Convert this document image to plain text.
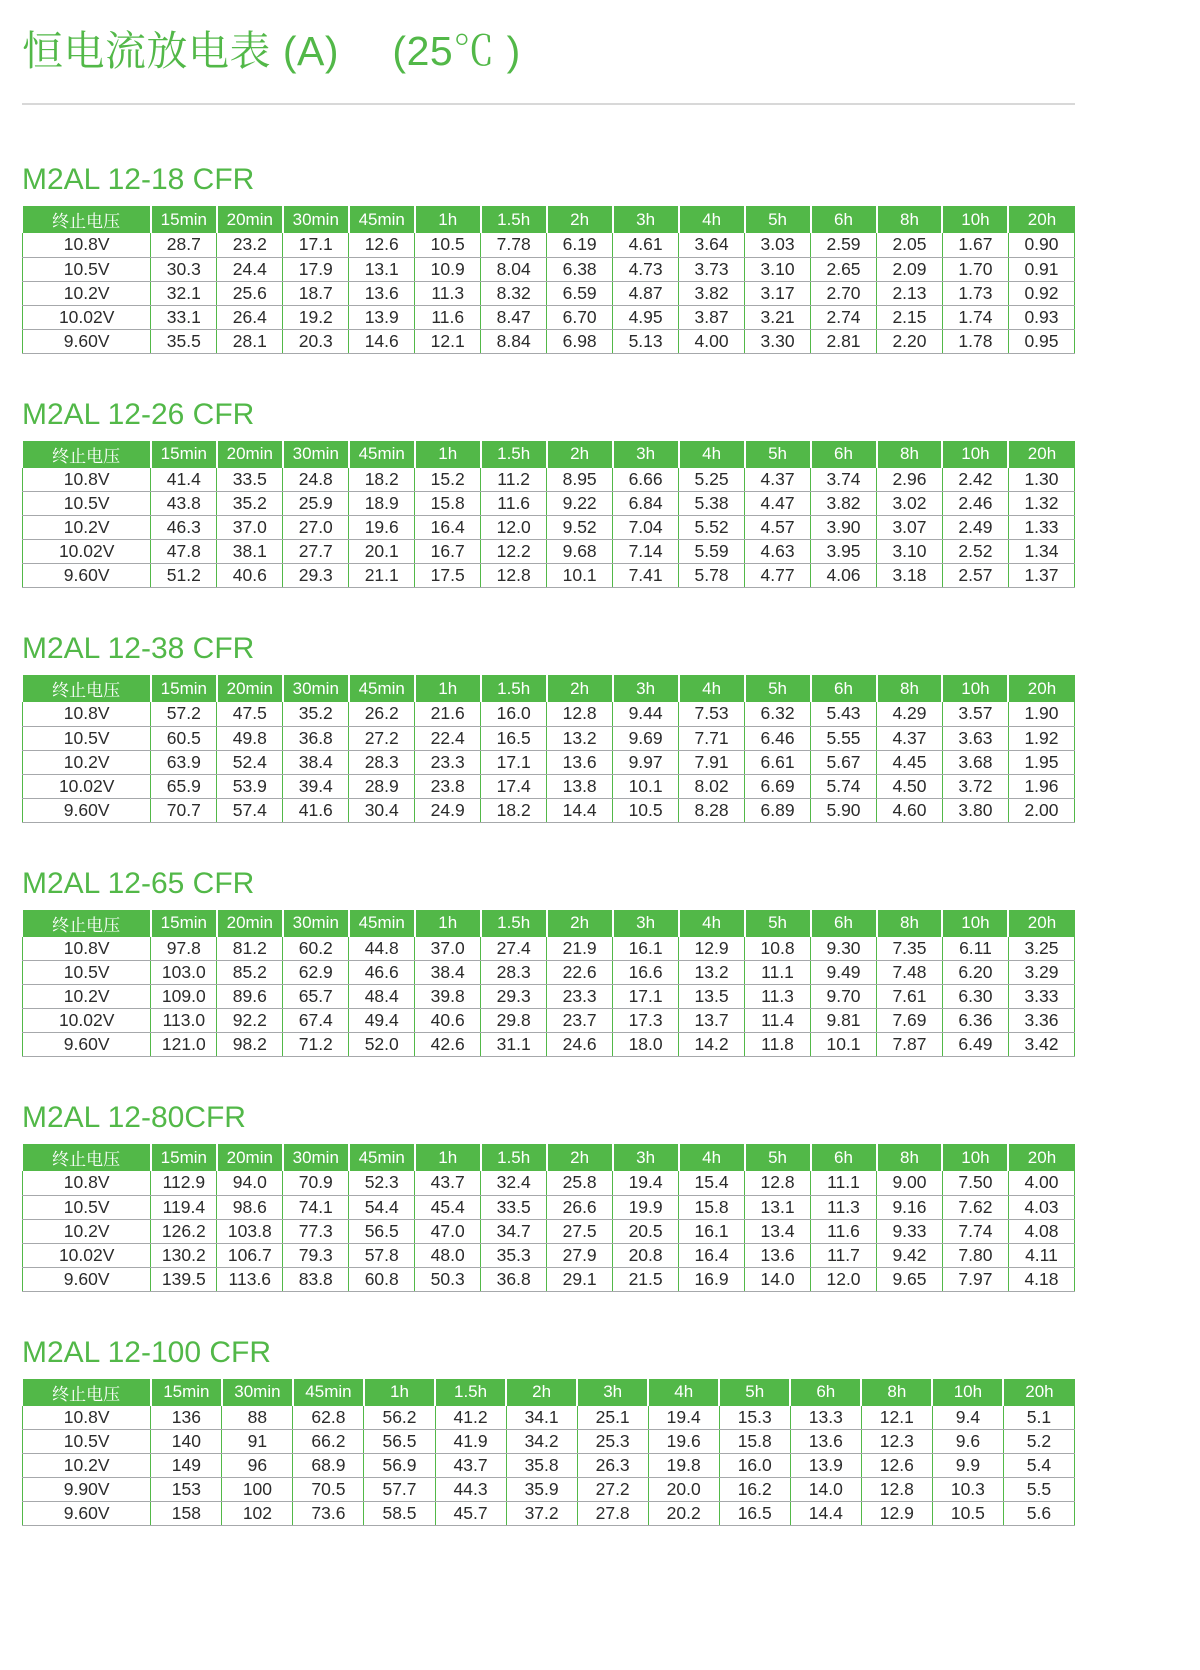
恒电流放电表 (A)　 (25℃ )
M2AL 12-18 CFR
终止电压	15min	20min	30min	45min	1h	1.5h	2h	3h	4h	5h	6h	8h	10h	20h
10.8V	28.7	23.2	17.1	12.6	10.5	7.78	6.19	4.61	3.64	3.03	2.59	2.05	1.67	0.90
10.5V	30.3	24.4	17.9	13.1	10.9	8.04	6.38	4.73	3.73	3.10	2.65	2.09	1.70	0.91
10.2V	32.1	25.6	18.7	13.6	11.3	8.32	6.59	4.87	3.82	3.17	2.70	2.13	1.73	0.92
10.02V	33.1	26.4	19.2	13.9	11.6	8.47	6.70	4.95	3.87	3.21	2.74	2.15	1.74	0.93
9.60V	35.5	28.1	20.3	14.6	12.1	8.84	6.98	5.13	4.00	3.30	2.81	2.20	1.78	0.95
M2AL 12-26 CFR
终止电压	15min	20min	30min	45min	1h	1.5h	2h	3h	4h	5h	6h	8h	10h	20h
10.8V	41.4	33.5	24.8	18.2	15.2	11.2	8.95	6.66	5.25	4.37	3.74	2.96	2.42	1.30
10.5V	43.8	35.2	25.9	18.9	15.8	11.6	9.22	6.84	5.38	4.47	3.82	3.02	2.46	1.32
10.2V	46.3	37.0	27.0	19.6	16.4	12.0	9.52	7.04	5.52	4.57	3.90	3.07	2.49	1.33
10.02V	47.8	38.1	27.7	20.1	16.7	12.2	9.68	7.14	5.59	4.63	3.95	3.10	2.52	1.34
9.60V	51.2	40.6	29.3	21.1	17.5	12.8	10.1	7.41	5.78	4.77	4.06	3.18	2.57	1.37
M2AL 12-38 CFR
终止电压	15min	20min	30min	45min	1h	1.5h	2h	3h	4h	5h	6h	8h	10h	20h
10.8V	57.2	47.5	35.2	26.2	21.6	16.0	12.8	9.44	7.53	6.32	5.43	4.29	3.57	1.90
10.5V	60.5	49.8	36.8	27.2	22.4	16.5	13.2	9.69	7.71	6.46	5.55	4.37	3.63	1.92
10.2V	63.9	52.4	38.4	28.3	23.3	17.1	13.6	9.97	7.91	6.61	5.67	4.45	3.68	1.95
10.02V	65.9	53.9	39.4	28.9	23.8	17.4	13.8	10.1	8.02	6.69	5.74	4.50	3.72	1.96
9.60V	70.7	57.4	41.6	30.4	24.9	18.2	14.4	10.5	8.28	6.89	5.90	4.60	3.80	2.00
M2AL 12-65 CFR
终止电压	15min	20min	30min	45min	1h	1.5h	2h	3h	4h	5h	6h	8h	10h	20h
10.8V	97.8	81.2	60.2	44.8	37.0	27.4	21.9	16.1	12.9	10.8	9.30	7.35	6.11	3.25
10.5V	103.0	85.2	62.9	46.6	38.4	28.3	22.6	16.6	13.2	11.1	9.49	7.48	6.20	3.29
10.2V	109.0	89.6	65.7	48.4	39.8	29.3	23.3	17.1	13.5	11.3	9.70	7.61	6.30	3.33
10.02V	113.0	92.2	67.4	49.4	40.6	29.8	23.7	17.3	13.7	11.4	9.81	7.69	6.36	3.36
9.60V	121.0	98.2	71.2	52.0	42.6	31.1	24.6	18.0	14.2	11.8	10.1	7.87	6.49	3.42
M2AL 12-80CFR
终止电压	15min	20min	30min	45min	1h	1.5h	2h	3h	4h	5h	6h	8h	10h	20h
10.8V	112.9	94.0	70.9	52.3	43.7	32.4	25.8	19.4	15.4	12.8	11.1	9.00	7.50	4.00
10.5V	119.4	98.6	74.1	54.4	45.4	33.5	26.6	19.9	15.8	13.1	11.3	9.16	7.62	4.03
10.2V	126.2	103.8	77.3	56.5	47.0	34.7	27.5	20.5	16.1	13.4	11.6	9.33	7.74	4.08
10.02V	130.2	106.7	79.3	57.8	48.0	35.3	27.9	20.8	16.4	13.6	11.7	9.42	7.80	4.11
9.60V	139.5	113.6	83.8	60.8	50.3	36.8	29.1	21.5	16.9	14.0	12.0	9.65	7.97	4.18
M2AL 12-100 CFR
终止电压	15min	30min	45min	1h	1.5h	2h	3h	4h	5h	6h	8h	10h	20h
10.8V	136	88	62.8	56.2	41.2	34.1	25.1	19.4	15.3	13.3	12.1	9.4	5.1
10.5V	140	91	66.2	56.5	41.9	34.2	25.3	19.6	15.8	13.6	12.3	9.6	5.2
10.2V	149	96	68.9	56.9	43.7	35.8	26.3	19.8	16.0	13.9	12.6	9.9	5.4
9.90V	153	100	70.5	57.7	44.3	35.9	27.2	20.0	16.2	14.0	12.8	10.3	5.5
9.60V	158	102	73.6	58.5	45.7	37.2	27.8	20.2	16.5	14.4	12.9	10.5	5.6
